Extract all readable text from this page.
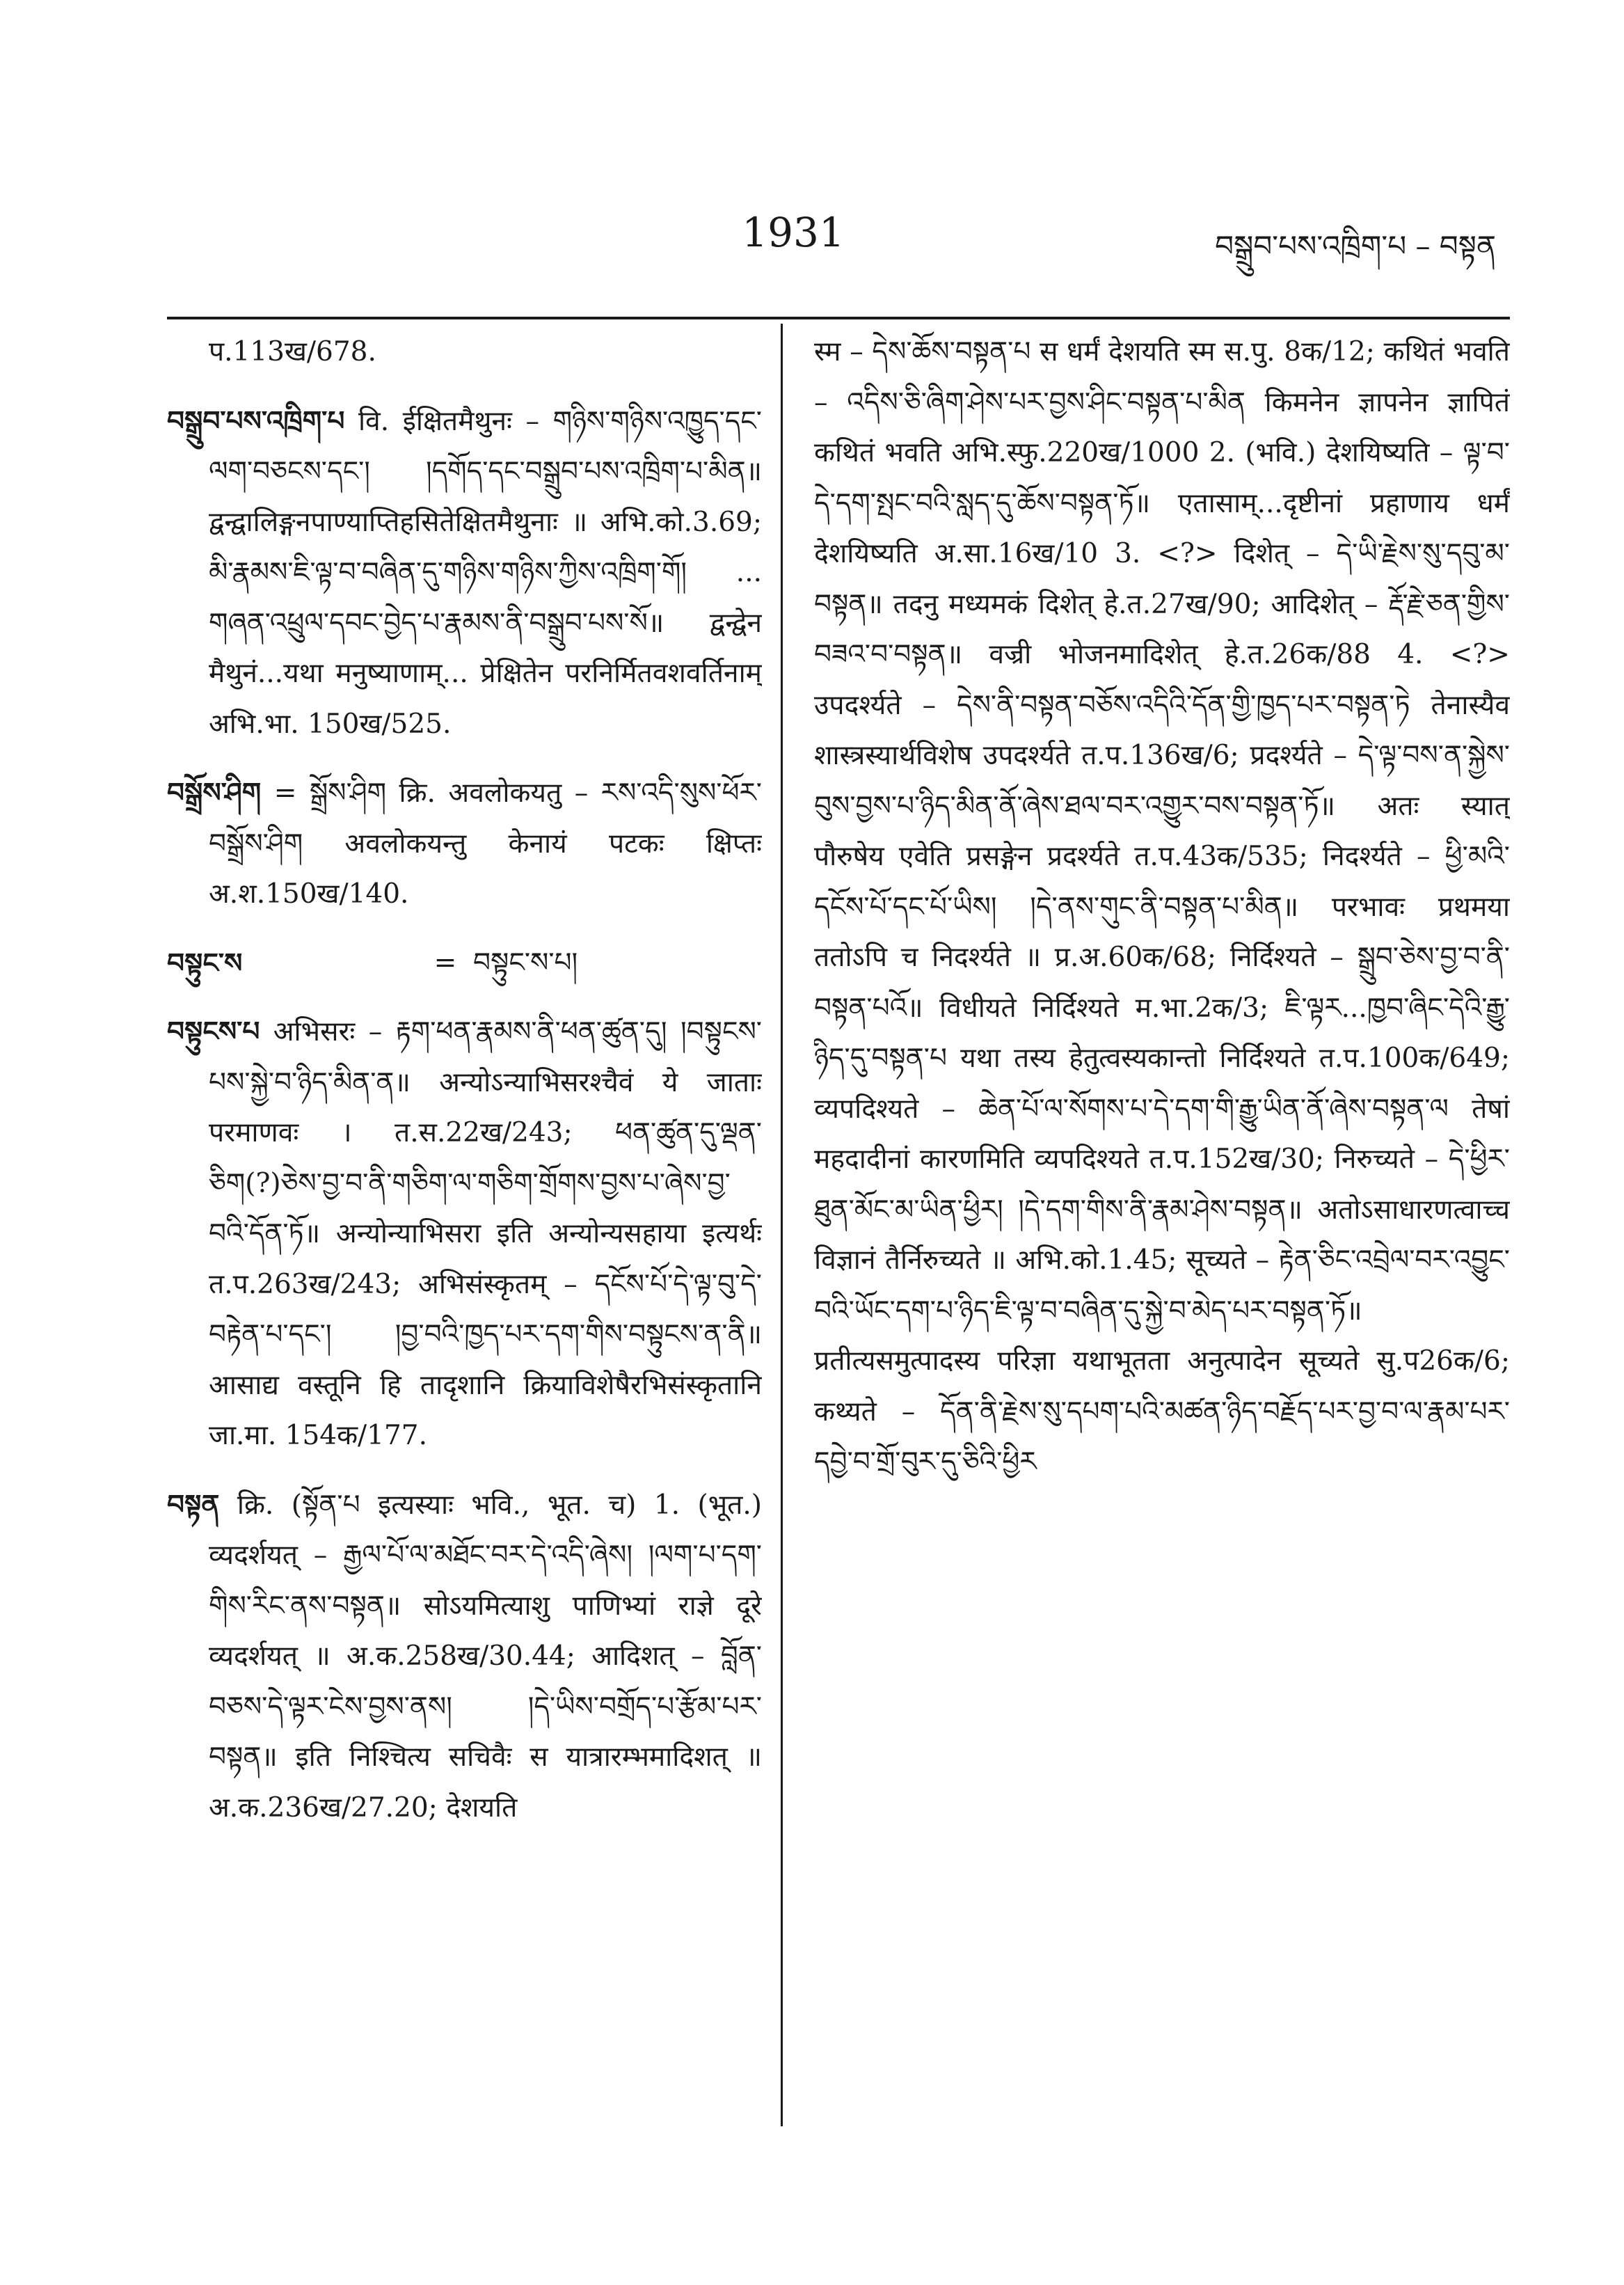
1931	བསྒྲུབ་པས་འཁྲིག་པ – བསྟན

प.113ख/678.

བསྒྲུབ་པས་འཁྲིག་པ वि. ईक्षितमैथुनः – གཉིས་གཉིས་འཁྱུད་དང་ལག་བཅངས་དང་། །དགོད་དང་བསྒྲུབ་པས་འཁྲིག་པ་མིན॥ द्वन्द्वालिङ्गनपाण्याप्तिहसितेक्षितमैथुनाः ॥ अभि.को.3.69; མི་རྣམས་ཇི་ལྟ་བ་བཞིན་དུ་གཉིས་གཉིས་ཀྱིས་འཁྲིག་གོ། ... གཞན་འཕྲུལ་དབང་བྱེད་པ་རྣམས་ནི་བསྒྲུབ་པས་སོ॥ द्वन्द्वेन मैथुनं...यथा मनुष्याणाम्... प्रेक्षितेन परनिर्मितवशवर्तिनाम् अभि.भा. 150ख/525.

བསྒྲོས་ཤིག = སྒྲོས་ཤིག क्रि. अवलोकयतु – རས་འདི་སུས་ཕོར་བསྒྲོས་ཤིག अवलोकयन्तु केनायं पटकः क्षिप्तः अ.श.150ख/140.

བསྟུང་ས	= བསྟུང་ས་པ།

བསྟུངས་པ अभिसरः – རྟག་ཕན་རྣམས་ནི་ཕན་ཚུན་དུ། །བསྟུངས་པས་སྐྱེ་བ་ཉིད་མིན་ན॥ अन्योऽन्याभिसरश्चैवं ये जाताः परमाणवः । त.स.22ख/243; ཕན་ཚུན་དུ་ལྡན་ཅིག(?)ཅེས་བྱ་བ་ནི་གཅིག་ལ་གཅིག་གྲོགས་བྱས་པ་ཞེས་བྱ་བའི་དོན་ཏོ॥ अन्योन्याभिसरा इति अन्योन्यसहाया इत्यर्थः त.प.263ख/243; अभिसंस्कृतम् – དངོས་པོ་དེ་ལྟ་བུ་དེ་བརྟེན་པ་དང་། །བྱ་བའི་ཁྱད་པར་དག་གིས་བསྟུངས་ན་ནི॥ आसाद्य वस्तूनि हि तादृशानि क्रियाविशेषैरभिसंस्कृतानि जा.मा. 154क/177.

བསྟན क्रि. (སྟོན་པ इत्यस्याः भवि., भूत. च) 1. (भूत.) व्यदर्शयत् – རྒྱལ་པོ་ལ་མཐོང་བར་དེ་འདི་ཞེས། །ལག་པ་དག་གིས་རིང་ནས་བསྟན॥ सोऽयमित्याशु पाणिभ्यां राज्ञे दूरे व्यदर्शयत् ॥ अ.क.258ख/30.44; आदिशत् – བློན་བཅས་དེ་ལྟར་ངེས་བྱས་ནས། །དེ་ཡིས་བགྲོད་པ་རྩོམ་པར་བསྟན॥ इति निश्चित्य सचिवैः स यात्रारम्भमादिशत् ॥ अ.क.236ख/27.20; देशयति

स्म – དེས་ཆོས་བསྟན་པ स धर्मं देशयति स्म स.पु. 8क/12; कथितं भवति – འདིས་ཅི་ཞིག་ཤེས་པར་བྱས་ཤིང་བསྟན་པ་མིན किमनेन ज्ञापनेन ज्ञापितं कथितं भवति अभि.स्फु.220ख/1000 2. (भवि.) देशयिष्यति – ལྟ་བ་དེ་དག་སྤང་བའི་སླད་དུ་ཆོས་བསྟན་ཏོ॥ एतासाम्...दृष्टीनां प्रहाणाय धर्मं देशयिष्यति अ.सा.16ख/10 3. <?> दिशेत् – དེ་ཡི་རྗེས་སུ་དབུ་མ་བསྟན॥ तदनु मध्यमकं दिशेत् हे.त.27ख/90; आदिशेत् – རྡོ་རྗེ་ཅན་གྱིས་བཟའ་བ་བསྟན॥ वज्री भोजनमादिशेत् हे.त.26क/88 4. <?> उपदर्श्यते – དེས་ནི་བསྟན་བཅོས་འདིའི་དོན་གྱི་ཁྱད་པར་བསྟན་ཏེ तेनास्यैव शास्त्रस्यार्थविशेष उपदर्श्यते त.प.136ख/6; प्रदर्श्यते – དེ་ལྟ་བས་ན་སྐྱེས་བུས་བྱས་པ་ཉིད་མིན་ནོ་ཞེས་ཐལ་བར་འགྱུར་བས་བསྟན་ཏོ॥ अतः स्यात् पौरुषेय एवेति प्रसङ्गेन प्रदर्श्यते त.प.43क/535; निदर्श्यते – ཕྱི་མའི་དངོས་པོ་དང་པོ་ཡིས། །དེ་ནས་གུང་ནི་བསྟན་པ་མིན॥ परभावः प्रथमया ततोऽपि च निदर्श्यते ॥ प्र.अ.60क/68; निर्दिश्यते – སྒྲུབ་ཅེས་བྱ་བ་ནི་བསྟན་པའོ॥ विधीयते निर्दिश्यते म.भा.2क/3; ཇི་ལྟར...ཁྱབ་ཞིང་དེའི་རྒྱུ་ཉིད་དུ་བསྟན་པ यथा तस्य हेतुत्वस्यकान्तो निर्दिश्यते त.प.100क/649; व्यपदिश्यते – ཆེན་པོ་ལ་སོགས་པ་དེ་དག་གི་རྒྱུ་ཡིན་ནོ་ཞེས་བསྟན་ལ तेषां महदादीनां कारणमिति व्यपदिश्यते त.प.152ख/30; निरुच्यते – དེ་ཕྱིར་ཐུན་མོང་མ་ཡིན་ཕྱིར། །དེ་དག་གིས་ནི་རྣམ་ཤེས་བསྟན॥ अतोऽसाधारणत्वाच्च विज्ञानं तैर्निरुच्यते ॥ अभि.को.1.45; सूच्यते – རྟེན་ཅིང་འབྲེལ་བར་འབྱུང་བའི་ཡོང་དག་པ་ཉིད་ཇི་ལྟ་བ་བཞིན་དུ་སྐྱེ་བ་མེད་པར་བསྟན་ཏོ॥ प्रतीत्यसमुत्पादस्य परिज्ञा यथाभूतता अनुत्पादेन सूच्यते सु.प26क/6; कथ्यते – དོན་ནི་རྗེས་སུ་དཔག་པའི་མཚན་ཉིད་བརྗོད་པར་བྱ་བ་ལ་རྣམ་པར་དབྱེ་བ་གྲོ་བུར་དུ་ཅིའི་ཕྱིར
